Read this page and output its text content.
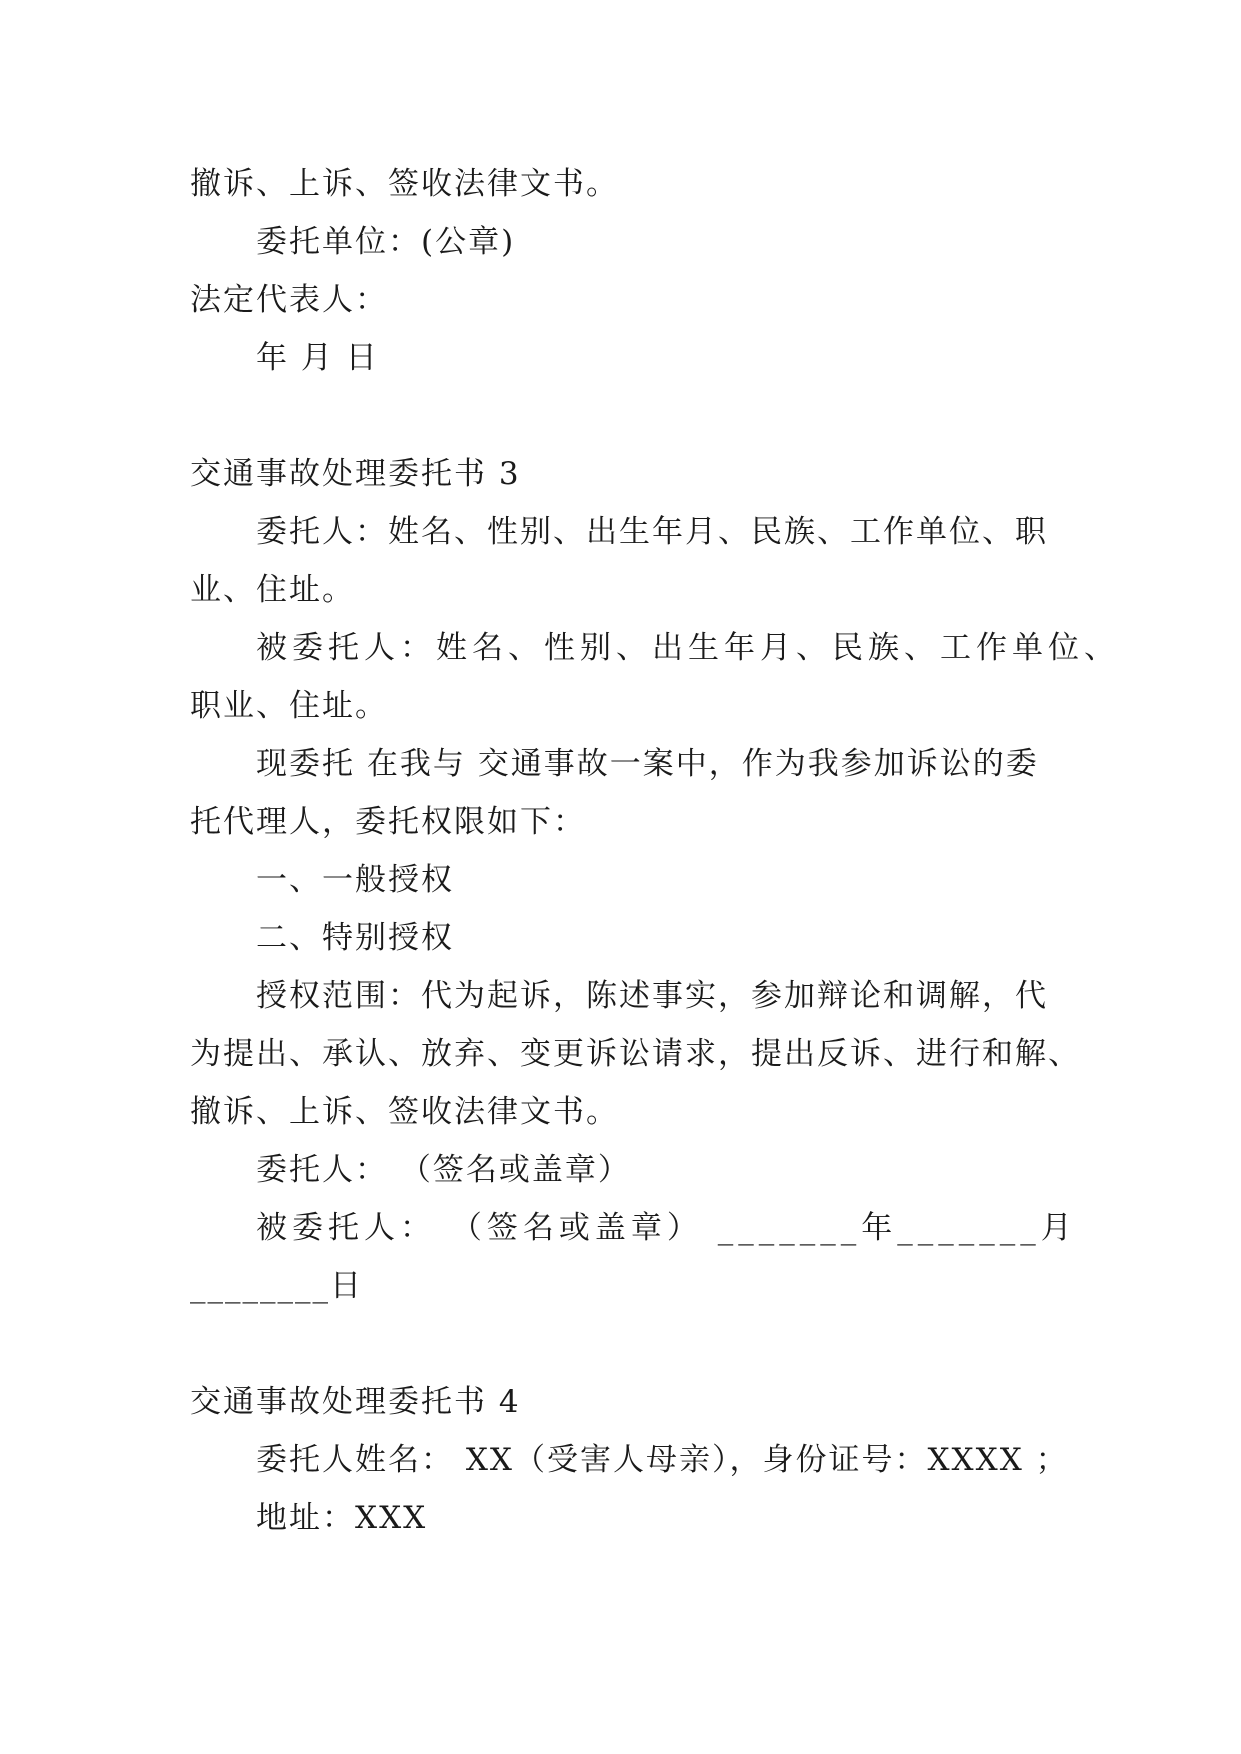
撤诉、上诉、签收法律文书。
委托单位：(公章)
法定代表人：
年 月 日
交通事故处理委托书 3
委托人：姓名、性别、出生年月、民族、工作单位、职
业、住址。
被委托人：姓名、性别、出生年月、民族、工作单位、
职业、住址。
现委托 在我与 交通事故一案中，作为我参加诉讼的委
托代理人，委托权限如下：
一、一般授权
二、特别授权
授权范围：代为起诉，陈述事实，参加辩论和调解，代
为提出、承认、放弃、变更诉讼请求，提出反诉、进行和解、
撤诉、上诉、签收法律文书。
委托人： （签名或盖章）
被委托人： （签名或盖章） _______年_______月
________日
交通事故处理委托书 4
委托人姓名： XX（受害人母亲），身份证号：XXXX ；
地址：XXX
